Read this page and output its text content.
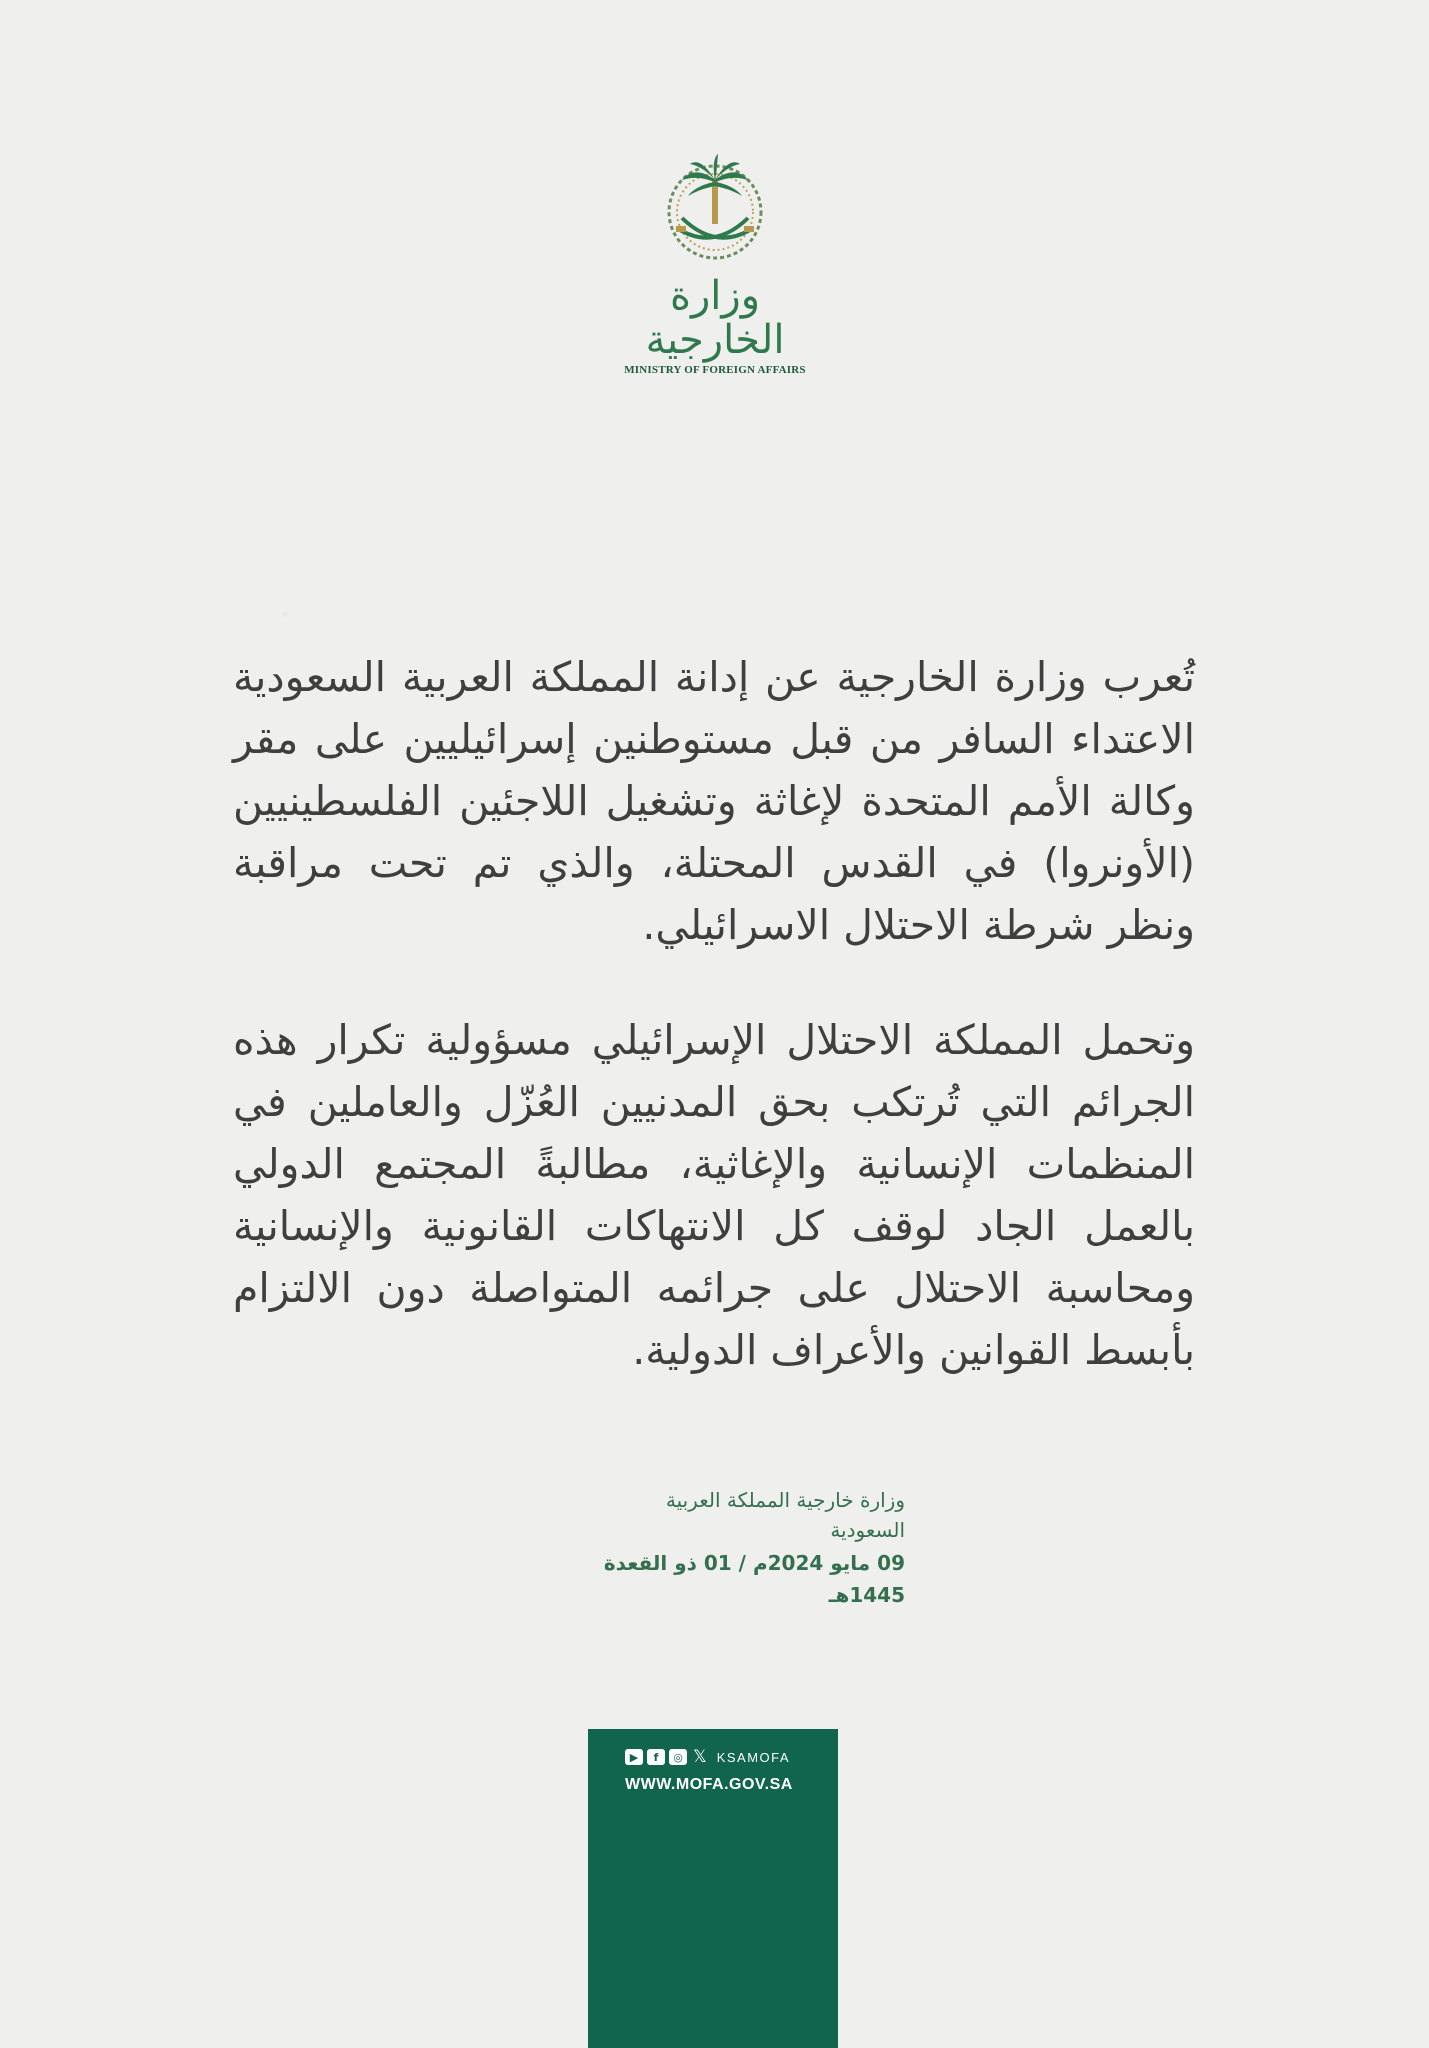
وزارة الخارجية
MINISTRY OF FOREIGN AFFAIRS

تُعرب وزارة الخارجية عن إدانة المملكة العربية السعودية الاعتداء السافر من قبل مستوطنين إسرائيليين على مقر وكالة الأمم المتحدة لإغاثة وتشغيل اللاجئين الفلسطينيين (الأونروا) في القدس المحتلة، والذي تم تحت مراقبة ونظر شرطة الاحتلال الاسرائيلي.

وتحمل المملكة الاحتلال الإسرائيلي مسؤولية تكرار هذه الجرائم التي تُرتكب بحق المدنيين العُزّل والعاملين في المنظمات الإنسانية والإغاثية، مطالبةً المجتمع الدولي بالعمل الجاد لوقف كل الانتهاكات القانونية والإنسانية ومحاسبة الاحتلال على جرائمه المتواصلة دون الالتزام بأبسط القوانين والأعراف الدولية.

وزارة خارجية المملكة العربية السعودية
09 مايو 2024م / 01 ذو القعدة 1445هـ
▶	f	◎ 𝕏 KSAMOFA
WWW.MOFA.GOV.SA
